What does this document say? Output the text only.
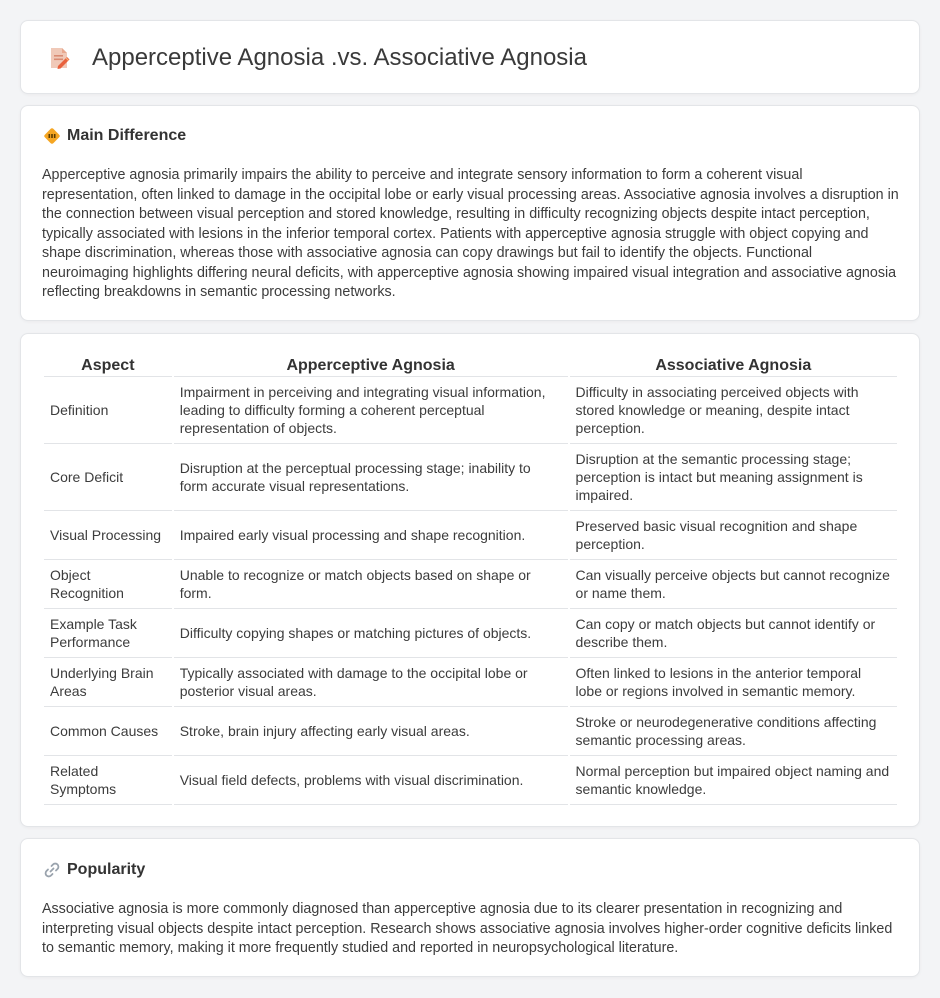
Apperceptive Agnosia .vs. Associative Agnosia
Main Difference

Apperceptive agnosia primarily impairs the ability to perceive and integrate sensory information to form a coherent visual representation, often linked to damage in the occipital lobe or early visual processing areas. Associative agnosia involves a disruption in the connection between visual perception and stored knowledge, resulting in difficulty recognizing objects despite intact perception, typically associated with lesions in the inferior temporal cortex. Patients with apperceptive agnosia struggle with object copying and shape discrimination, whereas those with associative agnosia can copy drawings but fail to identify the objects. Functional neuroimaging highlights differing neural deficits, with apperceptive agnosia showing impaired visual integration and associative agnosia reflecting breakdowns in semantic processing networks.

Aspect	Apperceptive Agnosia	Associative Agnosia
Definition	Impairment in perceiving and integrating visual information, leading to difficulty forming a coherent perceptual representation of objects.	Difficulty in associating perceived objects with stored knowledge or meaning, despite intact perception.
Core Deficit	Disruption at the perceptual processing stage; inability to form accurate visual representations.	Disruption at the semantic processing stage; perception is intact but meaning assignment is impaired.
Visual Processing	Impaired early visual processing and shape recognition.	Preserved basic visual recognition and shape perception.
Object Recognition	Unable to recognize or match objects based on shape or form.	Can visually perceive objects but cannot recognize or name them.
Example Task Performance	Difficulty copying shapes or matching pictures of objects.	Can copy or match objects but cannot identify or describe them.
Underlying Brain Areas	Typically associated with damage to the occipital lobe or posterior visual areas.	Often linked to lesions in the anterior temporal lobe or regions involved in semantic memory.
Common Causes	Stroke, brain injury affecting early visual areas.	Stroke or neurodegenerative conditions affecting semantic processing areas.
Related Symptoms	Visual field defects, problems with visual discrimination.	Normal perception but impaired object naming and semantic knowledge.
Popularity

Associative agnosia is more commonly diagnosed than apperceptive agnosia due to its clearer presentation in recognizing and interpreting visual objects despite intact perception. Research shows associative agnosia involves higher-order cognitive deficits linked to semantic memory, making it more frequently studied and reported in neuropsychological literature.
